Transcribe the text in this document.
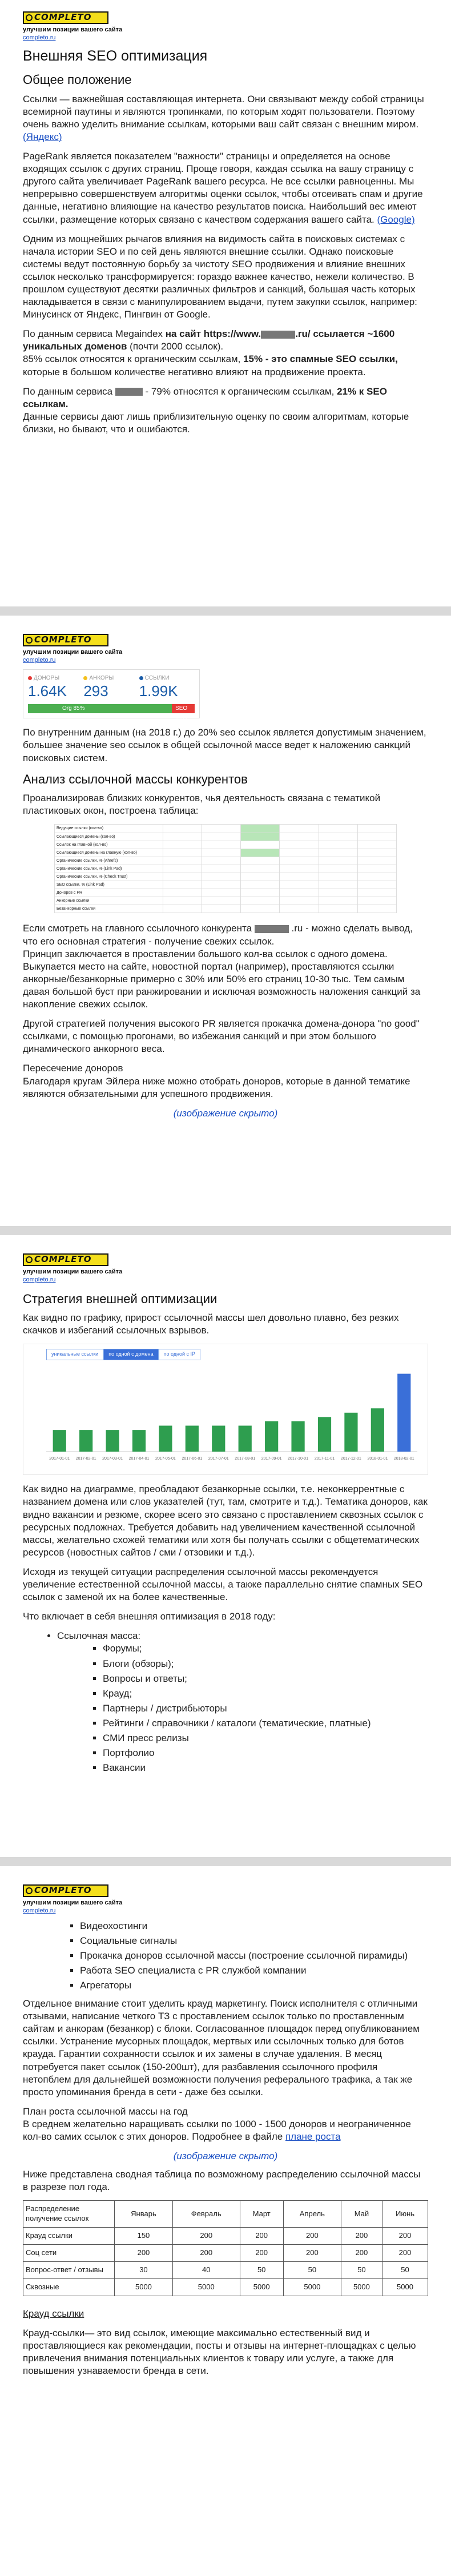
COMPLETO
улучшим позиции вашего сайта
completo.ru
Внешняя SEO оптимизация
Общее положение

Ссылки — важнейшая составляющая интернета. Они связывают между собой страницы всемирной паутины и являются тропинками, по которым ходят пользователи. Поэтому очень важно уделить внимание ссылкам, которыми ваш сайт связан с внешним миром. (Яндекс)

PageRank является показателем "важности" страницы и определяется на основе входящих ссылок с других страниц. Проще говоря, каждая ссылка на вашу страницу с другого сайта увеличивает PageRank вашего ресурса. Не все ссылки равноценны. Мы непрерывно совершенствуем алгоритмы оценки ссылок, чтобы отсеивать спам и другие данные, негативно влияющие на качество результатов поиска. Наибольший вес имеют ссылки, размещение которых связано с качеством содержания вашего сайта. (Google)

Одним из мощнейших рычагов влияния на видимость сайта в поисковых системах с начала истории SEO и по сей день являются внешние ссылки. Однако поисковые системы ведут постоянную борьбу за чистоту SEO продвижения и влияние внешних ссылок несколько трансформируется: гораздо важнее качество, нежели количество. В прошлом существуют десятки различных фильтров и санкций, большая часть которых накладывается в связи с манипулированием выдачи, путем закупки ссылок, например: Минусинск от Яндекс, Пингвин от Google.

По данным сервиса Megaindex на сайт https://www.	.ru/ ссылается ~1600 уникальных доменов (почти 2000 ссылок).
85% ссылок относятся к органическим ссылкам, 15% - это спамные SEO ссылки, которые в большом количестве негативно влияют на продвижение проекта.

По данным сервиса	- 79% относятся к органическим ссылкам, 21% к SEO ссылкам.
Данные сервисы дают лишь приблизительную оценку по своим алгоритмам, которые близки, но бывают, что и ошибаются.

COMPLETO
улучшим позиции вашего сайта
completo.ru
ДОНОРЫ
1.64K
АНКОРЫ
293
ССЫЛКИ
1.99K
Org 85%	SEO 15%

По внутренним данным (на 2018 г.) до 20% seo ссылок является допустимым значением, большее значение seo ссылок в общей ссылочной массе ведет к наложению санкций поисковых систем.

Анализ ссылочной массы конкурентов

Проанализировав близких конкурентов, чья деятельность связана с тематикой пластиковых окон, построена таблица:

Ведущие ссылки (кол-во)						
Ссылающиеся домены (кол-во)						
Ссылок на главной (кол-во)						
Ссылающиеся домены на главную (кол-во)						
Органические ссылки, % (Ahrefs)						
Органические ссылки, % (Link Pad)						
Органические ссылки, % (Check Trust)						
SEO ссылки, % (Link Pad)						
Доноров с PR						
Анкорные ссылки						
Безанкорные ссылки						

Если смотреть на главного ссылочного конкурента	.ru - можно сделать вывод, что его основная стратегия - получение свежих ссылок.
Принцип заключается в проставлении большого кол-ва ссылок с одного домена. Выкупается место на сайте, новостной портал (например), проставляются ссылки анкорные/безанкорные примерно с 30% или 50% его страниц 10-30 тыс. Тем самым давая большой буст при ранжировании и исключая возможность наложения санкций за накопление свежих ссылок.

Другой стратегией получения высокого PR является прокачка домена-донора "no good" ссылками, с помощью прогонами, во избежания санкций и при этом большого динамического анкорного веса.

Пересечение доноров
Благодаря кругам Эйлера нижe можно отобрать доноров, которые в данной тематике являются обязательными для успешного продвижения.

(изображение скрыто)
COMPLETO
улучшим позиции вашего сайта
completo.ru
Стратегия внешней оптимизации

Как видно по графику, прирост ссылочной массы шел довольно плавно, без резких скачков и избеганий ссылочных взрывов.

уникальные ссылки	по одной с домена	по одной с IP
2017-01-01 2017-02-01 2017-03-01 2017-04-01 2017-05-01 2017-06-01 2017-07-01 2017-08-01 2017-09-01 2017-10-01 2017-11-01 2017-12-01 2018-01-01 2018-02-01

Как видно на диаграмме, преобладают безанкорные ссылки, т.е. неконкеррентные с названием домена или слов указателей (тут, там, смотрите и т.д.). Тематика доноров, как видно вакансии и резюме, скорее всего это связано с проставлением сквозных ссылок с ресурсных подложнах. Требуется добавить над увеличением качественной ссылочной массы, желательно схожей тематики или хотя бы получать ссылки с общетематических ресурсов (новостных сайтов / сми / отзовики и т.д.).

Исходя из текущей ситуации распределения ссылочной массы рекомендуется увеличение естественной ссылочной массы, а также параллельно снятие спамных SEO ссылок с заменой их на более качественные.

Что включает в себя внешняя оптимизация в 2018 году:

• Ссылочная масса:
▪ Форумы;
▪ Блоги (обзоры);
▪ Вопросы и ответы;
▪ Крауд;
▪ Партнеры / дистрибьюторы
▪ Рейтинги / справочники / каталоги (тематические, платные)
▪ СМИ пресс релизы
▪ Портфолио
▪ Вакансии
COMPLETO
улучшим позиции вашего сайта
completo.ru
▪ Видеохостинги
▪ Социальные сигналы
▪ Прокачка доноров ссылочной массы (построение ссылочной пирамиды)
▪ Работа SEO специалиста с PR службой компании
▪ Агрегаторы

Отдельное внимание стоит уделить крауд маркетингу. Поиск исполнителя с отличными отзывами, написание четкого ТЗ с проставлением ссылок только по проставленным сайтам и анкорам (безанкор) с блоки. Согласованное площадок перед опубликованием ссылки. Устранение мусорных площадок, мертвых или ссылочных только для ботов крауда. Гарантии сохранности ссылок и их замены в случае удаления. В месяц потребуется пакет ссылок (150-200шт), для разбавления ссылочного профиля нетопблем для дальнейшей возможности получения реферального трафика, а так же просто упоминания бренда в сети - даже без ссылки.

План роста ссылочной массы на год
В среднем желательно наращивать ссылки по 1000 - 1500 доноров и неограниченное кол-во самих ссылок с этих доноров. Подробнее в файле плане роста

(изображение скрыто)

Ниже представлена сводная таблица по возможному распределению ссылочной массы в разрезе пол года.

Распределение получение ссылок	Январь	Февраль	Март	Апрель	Май	Июнь
Крауд ссылки	150	200	200	200	200	200
Соц сети	200	200	200	200	200	200
Вопрос-ответ / отзывы	30	40	50	50	50	50
Сквозные	5000	5000	5000	5000	5000	5000

Крауд ссылки

Крауд-ссылки— это вид ссылок, имеющие максимально естественный вид и проставляющиеся как рекомендации, посты и отзывы на интернет-площадках с целью привлечения внимания потенциальных клиентов к товару или услуге, а также для повышения узнаваемости бренда в сети.
